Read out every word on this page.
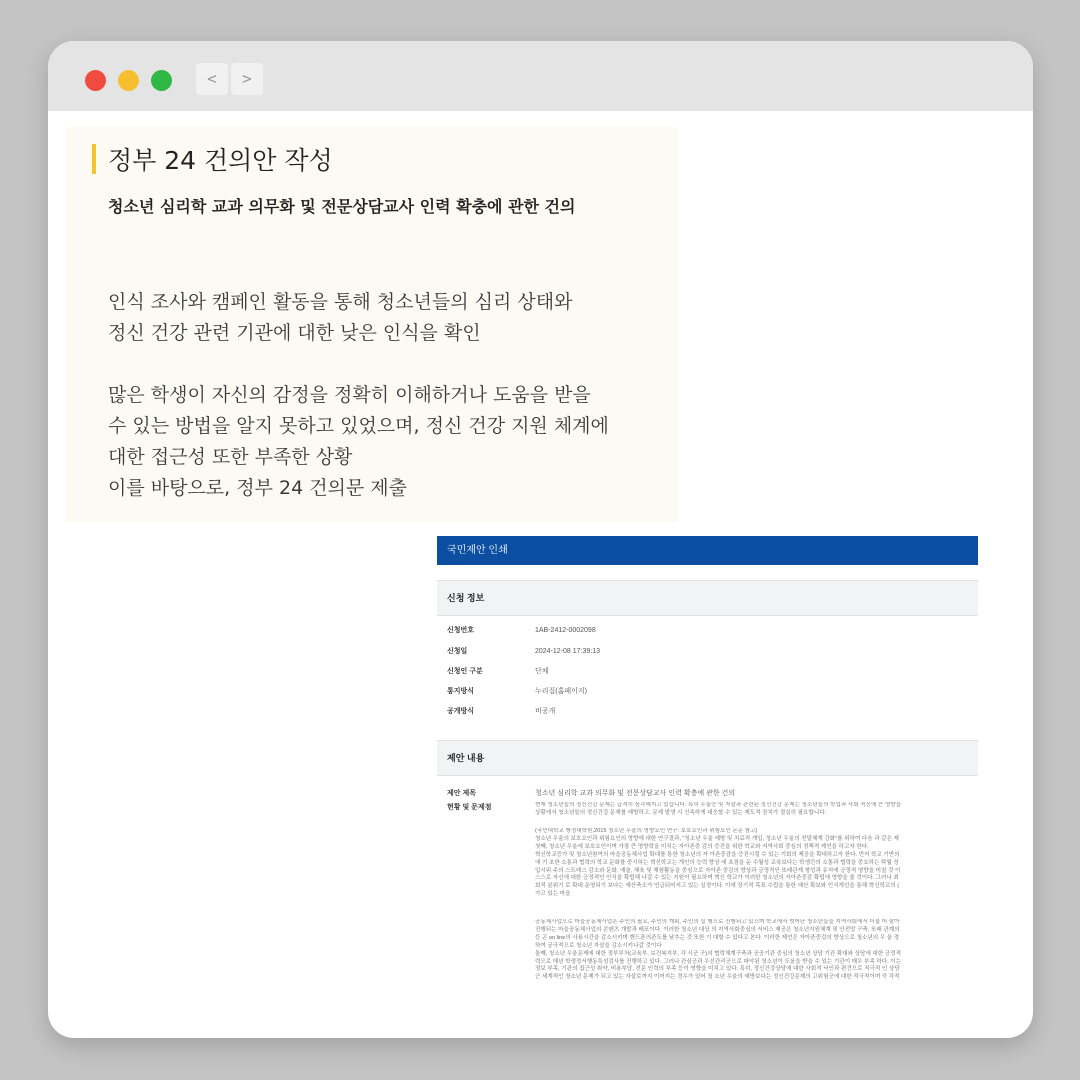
<	>
정부 24 건의안 작성
청소년 심리학 교과 의무화 및 전문상담교사 인력 확충에 관한 건의
인식 조사와 캠페인 활동을 통해 청소년들의 심리 상태와
정신 건강 관련 기관에 대한 낮은 인식을 확인
많은 학생이 자신의 감정을 정확히 이해하거나 도움을 받을
수 있는 방법을 알지 못하고 있었으며, 정신 건강 지원 체계에
대한 접근성 또한 부족한 상황
이를 바탕으로, 정부 24 건의문 제출
국민제안 인쇄
신청 정보
신청번호	1AB-2412-0002098
신청일	2024-12-08 17:39:13
신청인 구분	단체
통지방식	누리집(홈페이지)
공개방식	비공개
제안 내용
제안 제목	청소년 심리학 교과 의무화 및 전문상담교사 인력 확충에 관한 건의
현황 및 문제점	현재 청소년들의 정신건강 문제는 급격히 심각해지고 있습니다. 특히 우울증 및 자살과 관련된 정신건강 문제는 청소년들의 학업과 사회 적응에 큰 영향을
상황에서 청소년들의 정신건강 문제를 예방하고, 문제 발생 시 신속하게 대응할 수 있는 제도적 장치가 절실히 필요합니다.
(국민대학교 행정대학원,2015 청소년 우울의 영향요인 연구: 보호요인과 위험요인 논문 참고)
청소년 우울의 보호요인과 위험요인의 영향에 대한 연구결과, "청소년 우울 예방 및 치료적 개입, 청소년 우울의 전달체계 강화"를 위하여 다음 과 같은 제
첫째, 청소년 우울에 보호요인이며 가장 큰 영향력을 미치는 자아존중 감의 증진을 위한 학교와 지역사회 중심의 정책적 제언을 하고자 한다.
혁신학교증가 및 청소년참여의 마을공동체사업 확대를 통한 청소년의 자 아존중감을 증진시킬 수 있는 기회의 제공을 확대하고자 한다. 먼저 학교 기반의
에 기 초한 소통과 협력의 학교 문화를 중시하는 혁신학교는 개인의 능력 향상 에 초점을 둔 수월성 교육보다는 학생간의 소통과 협력을 중요하는 탁월 성
입시위 주의 스트레스 감소와 문화, 예술, 체육 및 체험활동을 중심으로 자아존 중감의 향상과 긍정적인 또래관계 형성과 유지에 긍정적 영향을 미칠 것 이
스스로 자신에 대한 긍정적인 인식을 확립해 나갈 수 있는 지원이 필요하며 혁신 학교가 이러한 청소년의 자아존중감 확립에 영향을 줄 것이다. 그러나 최
회적 분위기 로 확대 운영되기 보다는 예산축소가 언급되어지고 있는 실정이다. 이에 장기적 목표 수립을 통한 예산 확보와 인식개선을 통해 혁신학교의 (
가고 있는 마을
공동체사업으로 마을공동체사업은 주민의 필요, 주민의 계획, 주민의 실 행으로 진행되고 있으며 학교에서 벗어난 청소년들을 지역사회에서 더불 어 살아
진행되는 마을공동체사업의 콘텐츠 개발과 배포이다. 이러한 청소년 대상 의 지역사회중심의 서비스 제공은 청소년지원체계 및 안전망 구축, 또래 관계의
등 곤 on line의 사용시간을 감소시키며 핸드폰의존도를 낮추는 것 또한 기 대할 수 있다고 본다. 이러한 제언은 자아존중감의 향상으로 청소년의 우 울 경
하여 궁극적으로 청소년 자살을 감소시키나갈 것이다
둘째, 청소년 우울문제에 대한 정부부처(교육부, 보건복지부, 각 시군 구)의 협력체계구축과 공공기관 중심의 청소년 상담 기관 확대와 상담에 대한 긍정적
력으로 매년 학생정서행동특성검사를 진행하고 있다. 그러나 관심군과 우선관리군으로 파악된 청소년이 도움을 받을 수 있는 기관이 매우 부족 하다. 이는
정보 부족, 기관의 접근성 취약, 비용부담, 전문 인력의 부족 등이 영향을 미치고 있다. 특히, 정신건강상담에 대한 사회적 낙인과 편견으로 적극적 인 상담
근 세계적인 청소년 문제가 되고 있는 자살로까지 이어지는 경우가 있어 청 소년 우울의 예방보다는 정신건강문제의 고위험군에 대한 적극적이며 즉 각적
